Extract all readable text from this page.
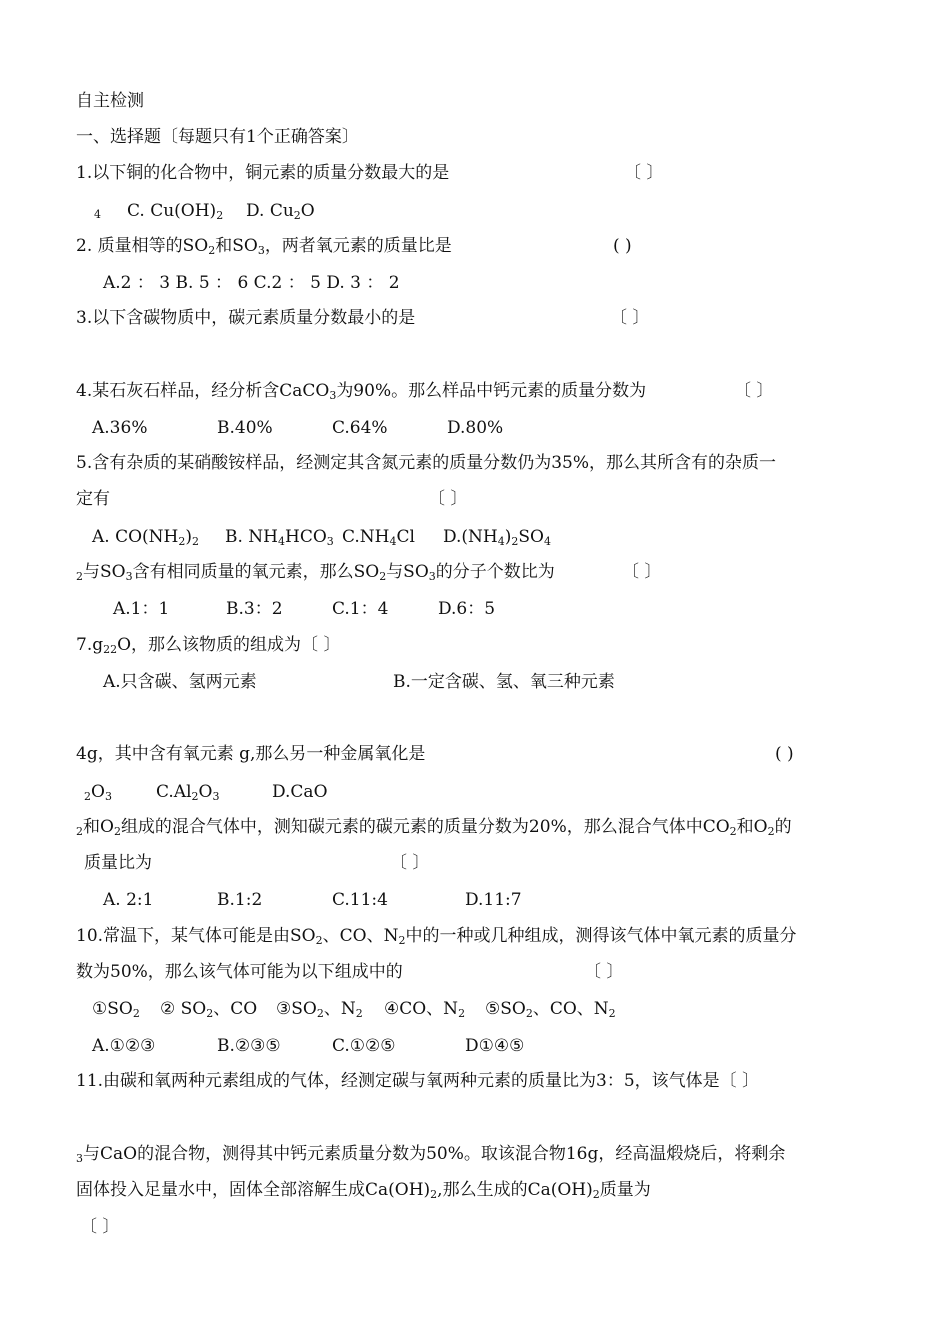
自主检测
一、选择题〔每题只有1个正确答案〕
1.以下铜的化合物中，铜元素的质量分数最大的是	〔 〕
4 C. $Cu(OH)_2$ D. $Cu_2O$
2. 质量相等的$SO_2$和$SO_3$，两者氧元素的质量比是	( )
A.2 ： 3 B. 5 ： 6 C.2 ： 5 D. 3 ： 2
3.以下含碳物质中，碳元素质量分数最小的是	〔 〕
4.某石灰石样品，经分析含CaCO$_3$为90%。那么样品中钙元素的质量分数为	〔 〕
A.36%	B.40%	C.64%	D.80%
5.含有杂质的某硝酸铵样品，经测定其含氮元素的质量分数仍为35%，那么其所含有的杂质一
定有	〔 〕
A. $CO(NH_2)_2$ B. $NH_4HCO_3$ $C.NH_4Cl$ $D.(NH_4)_2SO_4$
$_2$与$SO_3$含有相同质量的氧元素，那么$SO_2$与$SO_3$的分子个数比为	〔 〕
A.1：1	B.3：2	C.1：4	D.6：5
$7.g_{22}O$，那么该物质的组成为〔 〕
A.只含碳、氢两元素	B.一定含碳、氢、氧三种元素
4g，其中含有氧元素 g,那么另一种金属氧化是	( )
$_2O_3$	$C.Al_2O_3$	D.CaO
$_2$和$O_2$组成的混合气体中，测知碳元素的碳元素的质量分数为20%，那么混合气体中$CO_2$和$O_2$的
质量比为	〔 〕
A. 2:1	B.1:2	C.11:4	D.11:7
10.常温下，某气体可能是由$SO_2$、CO、$N_2$中的一种或几种组成，测得该气体中氧元素的质量分
数为50%，那么该气体可能为以下组成中的	〔 〕
$①SO_2$ ② $SO_2$、CO $③SO_2$、$N_2$ ④CO、$N_2$ $⑤SO_2$、CO、$N_2$
A.①②③	B.②③⑤	C.①②⑤	D①④⑤
11.由碳和氧两种元素组成的气体，经测定碳与氧两种元素的质量比为3：5，该气体是〔 〕
$_3$与CaO的混合物，测得其中钙元素质量分数为50%。取该混合物16g，经高温煅烧后，将剩余
固体投入足量水中，固体全部溶解生成$Ca(OH)_2$,那么生成的$Ca(OH)_2$质量为
〔 〕
